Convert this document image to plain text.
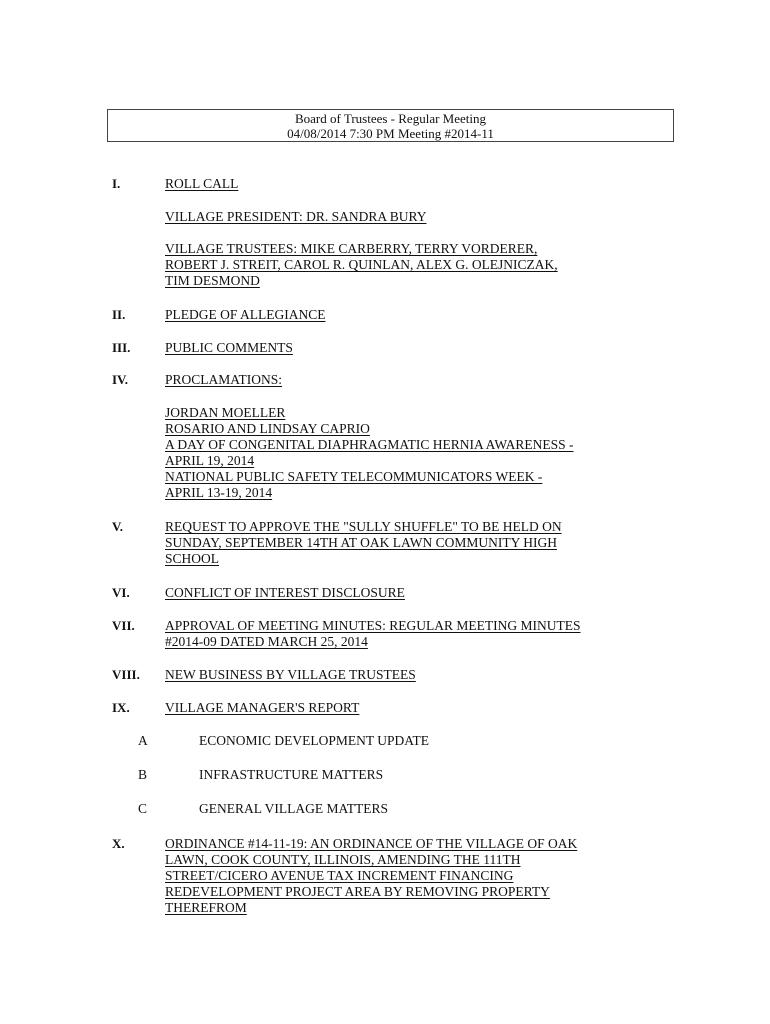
Board of Trustees - Regular Meeting
04/08/2014 7:30 PM Meeting #2014-11
I.	ROLL CALL
VILLAGE PRESIDENT: DR. SANDRA BURY
VILLAGE TRUSTEES: MIKE CARBERRY, TERRY VORDERER,
ROBERT J. STREIT, CAROL R. QUINLAN, ALEX G. OLEJNICZAK,
TIM DESMOND
II.	PLEDGE OF ALLEGIANCE
III.	PUBLIC COMMENTS
IV.	PROCLAMATIONS:
JORDAN MOELLER
ROSARIO AND LINDSAY CAPRIO
A DAY OF CONGENITAL DIAPHRAGMATIC HERNIA AWARENESS -
APRIL 19, 2014
NATIONAL PUBLIC SAFETY TELECOMMUNICATORS WEEK -
APRIL 13-19, 2014
V.	REQUEST TO APPROVE THE "SULLY SHUFFLE" TO BE HELD ON
SUNDAY, SEPTEMBER 14TH AT OAK LAWN COMMUNITY HIGH
SCHOOL
VI.	CONFLICT OF INTEREST DISCLOSURE
VII. APPROVAL OF MEETING MINUTES: REGULAR MEETING MINUTES
#2014-09 DATED MARCH 25, 2014
VIII. NEW BUSINESS BY VILLAGE TRUSTEES
IX.	VILLAGE MANAGER'S REPORT
A	ECONOMIC DEVELOPMENT UPDATE
B	INFRASTRUCTURE MATTERS
C	GENERAL VILLAGE MATTERS
X.	ORDINANCE #14-11-19: AN ORDINANCE OF THE VILLAGE OF OAK
LAWN, COOK COUNTY, ILLINOIS, AMENDING THE 111TH
STREET/CICERO AVENUE TAX INCREMENT FINANCING
REDEVELOPMENT PROJECT AREA BY REMOVING PROPERTY
THEREFROM
